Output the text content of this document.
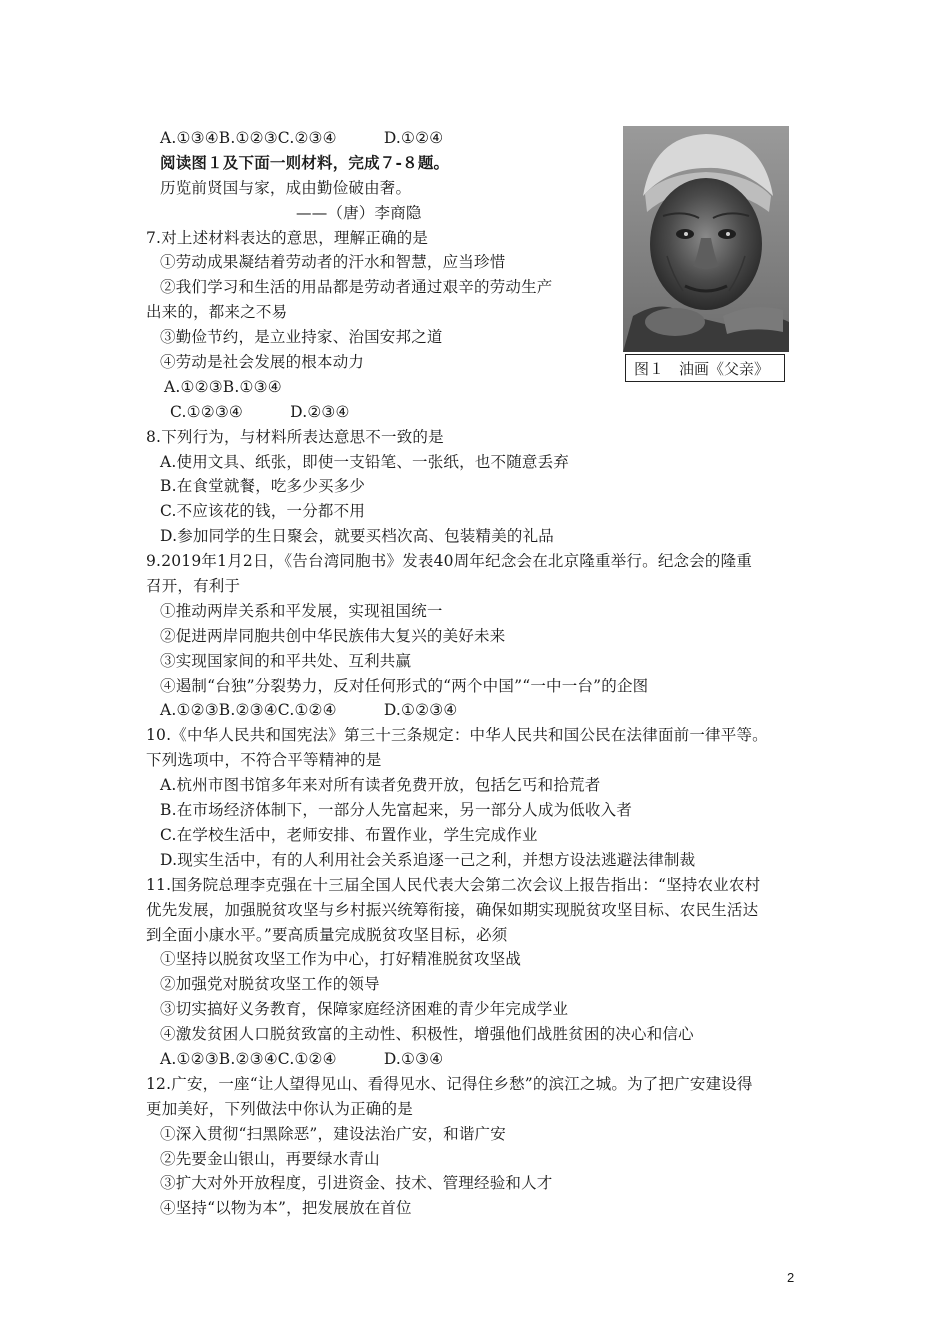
A.①③④B.①②③C.②③④　　　D.①②④
阅读图１及下面一则材料，完成７-８题。
历览前贤国与家，成由勤俭破由奢。
——（唐）李商隐
7.对上述材料表达的意思，理解正确的是
①劳动成果凝结着劳动者的汗水和智慧，应当珍惜
②我们学习和生活的用品都是劳动者通过艰辛的劳动生产
出来的，都来之不易
③勤俭节约，是立业持家、治国安邦之道
④劳动是社会发展的根本动力
A.①②③B.①③④
C.①②③④　　　D.②③④
8.下列行为，与材料所表达意思不一致的是
A.使用文具、纸张，即使一支铅笔、一张纸，也不随意丢弃
B.在食堂就餐，吃多少买多少
C.不应该花的钱，一分都不用
D.参加同学的生日聚会，就要买档次高、包装精美的礼品
9.2019年1月2日，《告台湾同胞书》发表40周年纪念会在北京隆重举行。纪念会的隆重
召开，有利于
①推动两岸关系和平发展，实现祖国统一
②促进两岸同胞共创中华民族伟大复兴的美好未来
③实现国家间的和平共处、互利共赢
④遏制“台独”分裂势力，反对任何形式的“两个中国”“一中一台”的企图
A.①②③B.②③④C.①②④　　　D.①②③④
10.《中华人民共和国宪法》第三十三条规定：中华人民共和国公民在法律面前一律平等。
下列选项中，不符合平等精神的是
A.杭州市图书馆多年来对所有读者免费开放，包括乞丐和拾荒者
B.在市场经济体制下，一部分人先富起来，另一部分人成为低收入者
C.在学校生活中，老师安排、布置作业，学生完成作业
D.现实生活中，有的人利用社会关系追逐一己之利，并想方设法逃避法律制裁
11.国务院总理李克强在十三届全国人民代表大会第二次会议上报告指出：“坚持农业农村
优先发展，加强脱贫攻坚与乡村振兴统筹衔接，确保如期实现脱贫攻坚目标、农民生活达
到全面小康水平。”要高质量完成脱贫攻坚目标，必须
①坚持以脱贫攻坚工作为中心，打好精准脱贫攻坚战
②加强党对脱贫攻坚工作的领导
③切实搞好义务教育，保障家庭经济困难的青少年完成学业
④激发贫困人口脱贫致富的主动性、积极性，增强他们战胜贫困的决心和信心
A.①②③B.②③④C.①②④　　　D.①③④
12.广安，一座“让人望得见山、看得见水、记得住乡愁”的滨江之城。为了把广安建设得
更加美好，下列做法中你认为正确的是
①深入贯彻“扫黑除恶”，建设法治广安，和谐广安
②先要金山银山，再要绿水青山
③扩大对外开放程度，引进资金、技术、管理经验和人才
④坚持“以物为本”，把发展放在首位
图１　油画《父亲》
2
